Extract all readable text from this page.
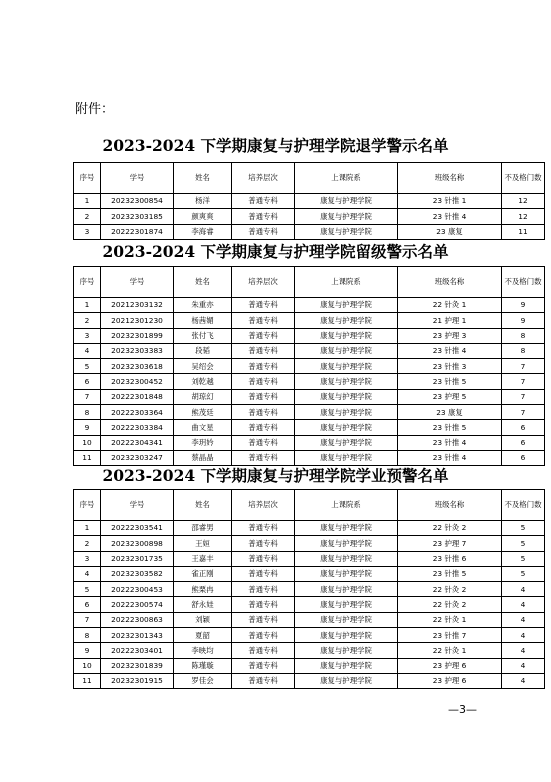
附件：
2023-2024 下学期康复与护理学院退学警示名单
序号	学号	姓名	培养层次	上课院系	班级名称	不及格门数
1	20232300854	杨洋	普通专科	康复与护理学院	23 针推 1	12
2	20232303185	颜爽爽	普通专科	康复与护理学院	23 针推 4	12
3	20222301874	李海睿	普通专科	康复与护理学院	23 康复	11
2023-2024 下学期康复与护理学院留级警示名单
序号	学号	姓名	培养层次	上课院系	班级名称	不及格门数
1	20212303132	朱重亦	普通专科	康复与护理学院	22 针灸 1	9
2	20212301230	杨茜媚	普通专科	康复与护理学院	21 护理 1	9
3	20232301899	张付飞	普通专科	康复与护理学院	23 护理 3	8
4	20232303383	段韬	普通专科	康复与护理学院	23 针推 4	8
5	20232303618	吴绍会	普通专科	康复与护理学院	23 针推 3	7
6	20232300452	刘乾越	普通专科	康复与护理学院	23 针推 5	7
7	20222301848	胡琼幻	普通专科	康复与护理学院	23 护理 5	7
8	20222303364	熊茂廷	普通专科	康复与护理学院	23 康复	7
9	20222303384	曲文星	普通专科	康复与护理学院	23 针推 5	6
10	20222304341	李玥妗	普通专科	康复与护理学院	23 针推 4	6
11	20232303247	蔡晶晶	普通专科	康复与护理学院	23 针推 4	6
2023-2024 下学期康复与护理学院学业预警名单
序号	学号	姓名	培养层次	上课院系	班级名称	不及格门数
1	20222303541	邵睿男	普通专科	康复与护理学院	22 针灸 2	5
2	20232300898	王姮	普通专科	康复与护理学院	23 护理 7	5
3	20232301735	王嘉丰	普通专科	康复与护理学院	23 针推 6	5
4	20232303582	雀正刚	普通专科	康复与护理学院	23 针推 5	5
5	20222300453	熊栗冉	普通专科	康复与护理学院	22 针灸 2	4
6	20222300574	舒永娃	普通专科	康复与护理学院	22 针灸 2	4
7	20222300863	刘颖	普通专科	康复与护理学院	22 针灸 1	4
8	20232301343	夏韶	普通专科	康复与护理学院	23 针推 7	4
9	20222303401	李映均	普通专科	康复与护理学院	22 针灸 1	4
10	20232301839	陈瑾璇	普通专科	康复与护理学院	23 护理 6	4
11	20232301915	罗佳会	普通专科	康复与护理学院	23 护理 6	4
—3—
